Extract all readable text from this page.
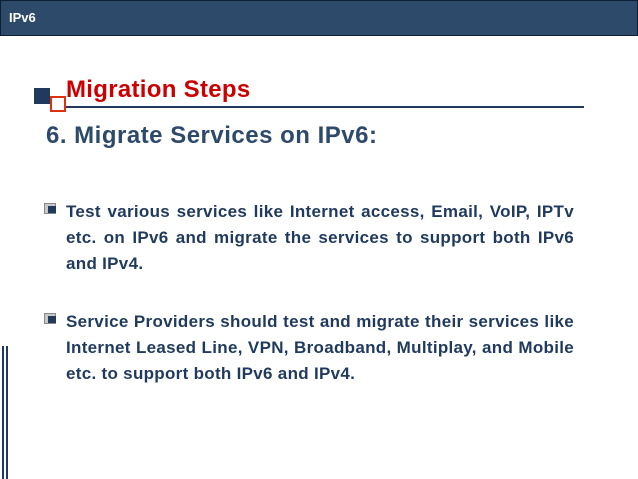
IPv6
Migration Steps
6. Migrate Services on IPv6:
Test various services like Internet access, Email, VoIP, IPTv etc. on IPv6 and migrate the services to support both IPv6 and IPv4.
Service Providers should test and migrate their services like Internet Leased Line, VPN, Broadband, Multiplay, and Mobile etc. to support both IPv6 and IPv4.
